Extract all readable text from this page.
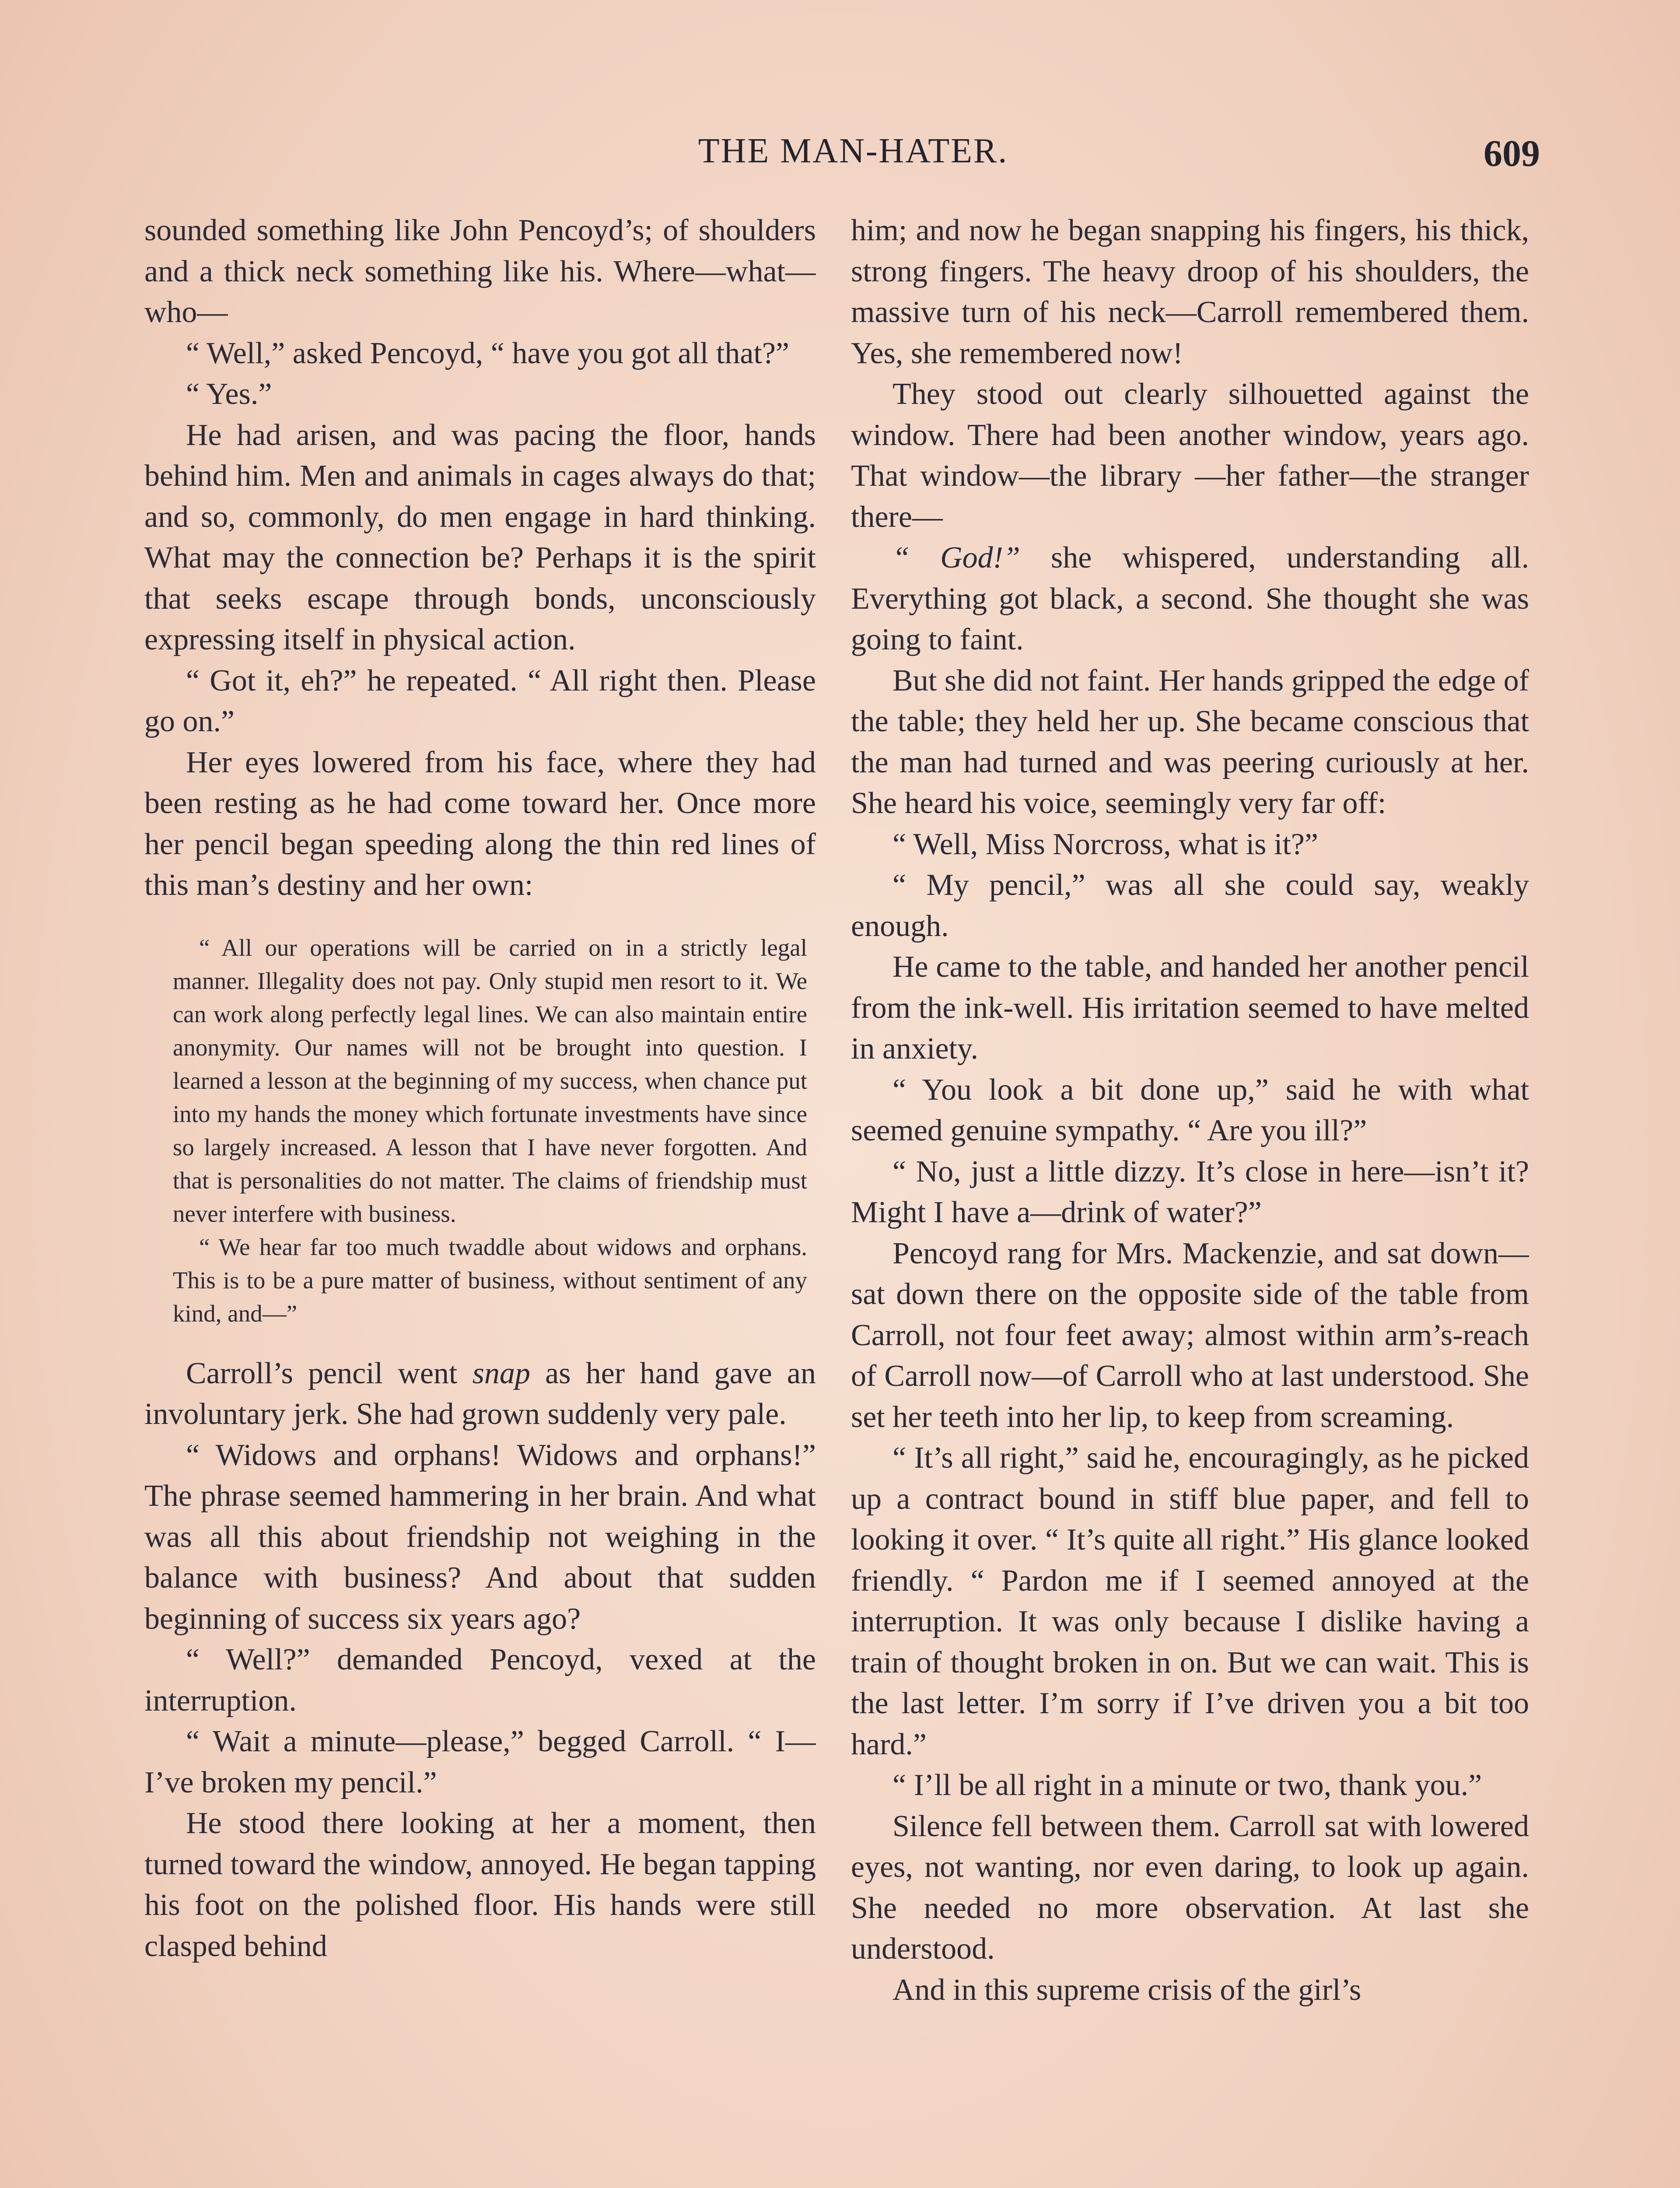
THE MAN-HATER.	609

sounded something like John Pencoyd’s; of shoulders and a thick neck something like his. Where—what—who—

“ Well,” asked Pencoyd, “ have you got all that?”

“ Yes.”

He had arisen, and was pacing the floor, hands behind him. Men and animals in cages always do that; and so, commonly, do men engage in hard thinking. What may the connection be? Perhaps it is the spirit that seeks escape through bonds, unconsciously expressing itself in physical action.

“ Got it, eh?” he repeated. “ All right then. Please go on.”

Her eyes lowered from his face, where they had been resting as he had come toward her. Once more her pencil began speeding along the thin red lines of this man’s destiny and her own:

“ All our operations will be carried on in a strictly legal manner. Illegality does not pay. Only stupid men resort to it. We can work along perfectly legal lines. We can also maintain entire anonymity. Our names will not be brought into question. I learned a lesson at the beginning of my success, when chance put into my hands the money which fortunate investments have since so largely increased. A lesson that I have never forgotten. And that is personalities do not matter. The claims of friendship must never interfere with business.

“ We hear far too much twaddle about widows and orphans. This is to be a pure matter of business, without sentiment of any kind, and—”

Carroll’s pencil went snap as her hand gave an involuntary jerk. She had grown suddenly very pale.

“ Widows and orphans! Widows and orphans!” The phrase seemed hammering in her brain. And what was all this about friendship not weighing in the balance with business? And about that sudden beginning of success six years ago?

“ Well?” demanded Pencoyd, vexed at the interruption.

“ Wait a minute—please,” begged Carroll. “ I—I’ve broken my pencil.”

He stood there looking at her a moment, then turned toward the window, annoyed. He began tapping his foot on the polished floor. His hands were still clasped behind

him; and now he began snapping his fingers, his thick, strong fingers. The heavy droop of his shoulders, the massive turn of his neck—Carroll remembered them. Yes, she remembered now!

They stood out clearly silhouetted against the window. There had been another window, years ago. That window—the library —her father—the stranger there—

“ God!” she whispered, understanding all. Everything got black, a second. She thought she was going to faint.

But she did not faint. Her hands gripped the edge of the table; they held her up. She became conscious that the man had turned and was peering curiously at her. She heard his voice, seemingly very far off:

“ Well, Miss Norcross, what is it?”

“ My pencil,” was all she could say, weakly enough.

He came to the table, and handed her another pencil from the ink-well. His irritation seemed to have melted in anxiety.

“ You look a bit done up,” said he with what seemed genuine sympathy. “ Are you ill?”

“ No, just a little dizzy. It’s close in here—isn’t it? Might I have a—drink of water?”

Pencoyd rang for Mrs. Mackenzie, and sat down—sat down there on the opposite side of the table from Carroll, not four feet away; almost within arm’s-reach of Carroll now—of Carroll who at last understood. She set her teeth into her lip, to keep from screaming.

“ It’s all right,” said he, encouragingly, as he picked up a contract bound in stiff blue paper, and fell to looking it over. “ It’s quite all right.” His glance looked friendly. “ Pardon me if I seemed annoyed at the interruption. It was only because I dislike having a train of thought broken in on. But we can wait. This is the last letter. I’m sorry if I’ve driven you a bit too hard.”

“ I’ll be all right in a minute or two, thank you.”

Silence fell between them. Carroll sat with lowered eyes, not wanting, nor even daring, to look up again. She needed no more observation. At last she understood.

And in this supreme crisis of the girl’s
